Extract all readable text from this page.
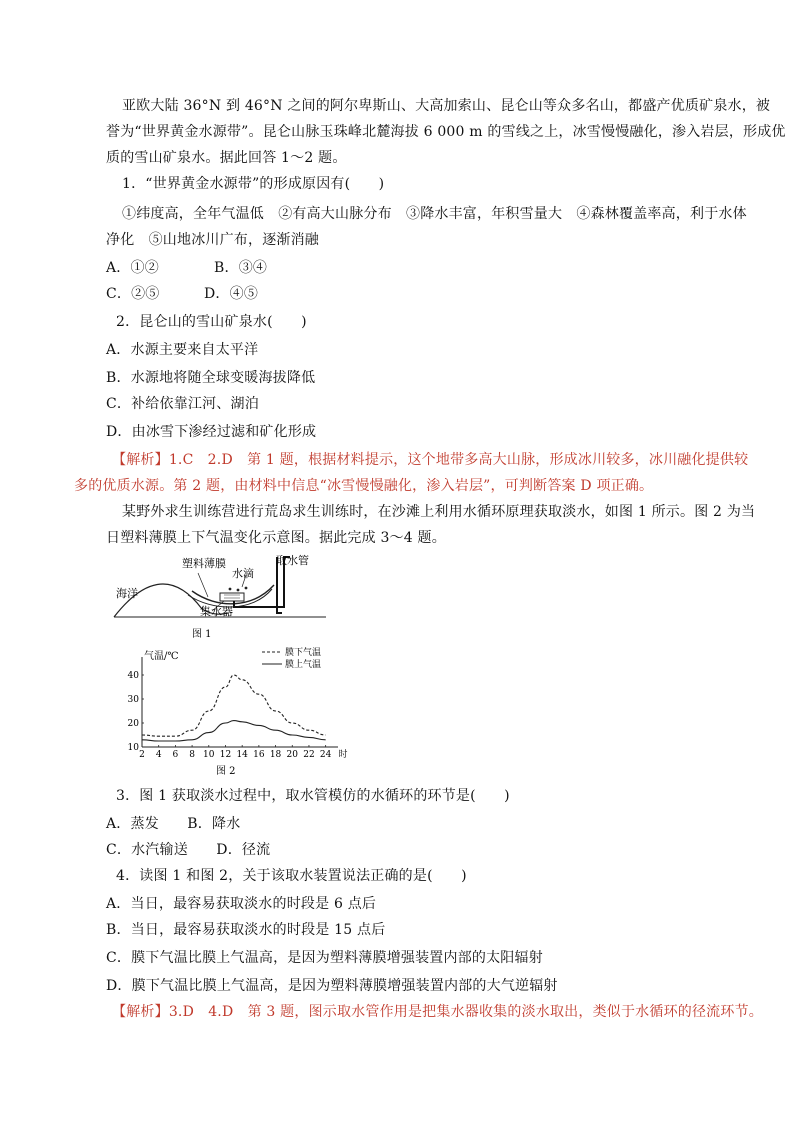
亚欧大陆 36°N 到 46°N 之间的阿尔卑斯山、大高加索山、昆仑山等众多名山，都盛产优质矿泉水，被
誉为“世界黄金水源带”。昆仑山脉玉珠峰北麓海拔 6 000 m 的雪线之上，冰雪慢慢融化，渗入岩层，形成优
质的雪山矿泉水。据此回答 1～2 题。
1．“世界黄金水源带”的形成原因有(　　)
①纬度高，全年气温低　②有高大山脉分布　③降水丰富，年积雪量大　④森林覆盖率高，利于水体
净化　⑤山地冰川广布，逐渐消融
A．①②	B．③④
C．②⑤	D．④⑤
2．昆仑山的雪山矿泉水(　　)
A．水源主要来自太平洋
B．水源地将随全球变暖海拔降低
C．补给依靠江河、湖泊
D．由冰雪下渗经过滤和矿化形成
【解析】1.C　2.D　第 1 题，根据材料提示，这个地带多高大山脉，形成冰川较多，冰川融化提供较
多的优质水源。第 2 题，由材料中信息“冰雪慢慢融化，渗入岩层”，可判断答案 D 项正确。
某野外求生训练营进行荒岛求生训练时，在沙滩上利用水循环原理获取淡水，如图 1 所示。图 2 为当
日塑料薄膜上下气温变化示意图。据此完成 3～4 题。
塑料薄膜
水滴
取水管
海洋
集水器
图 1
2 4 6 8 10 12 14 16 18 20 22 24 时
10
20
30
40
膜下气温
膜上气温
气温/℃
图 2
3．图 1 获取淡水过程中，取水管模仿的水循环的环节是(　　)
A．蒸发　　B．降水
C．水汽输送　　D．径流
4．读图 1 和图 2，关于该取水装置说法正确的是(　　)
A．当日，最容易获取淡水的时段是 6 点后
B．当日，最容易获取淡水的时段是 15 点后
C．膜下气温比膜上气温高，是因为塑料薄膜增强装置内部的太阳辐射
D．膜下气温比膜上气温高，是因为塑料薄膜增强装置内部的大气逆辐射
【解析】3.D　4.D　第 3 题，图示取水管作用是把集水器收集的淡水取出，类似于水循环的径流环节。
